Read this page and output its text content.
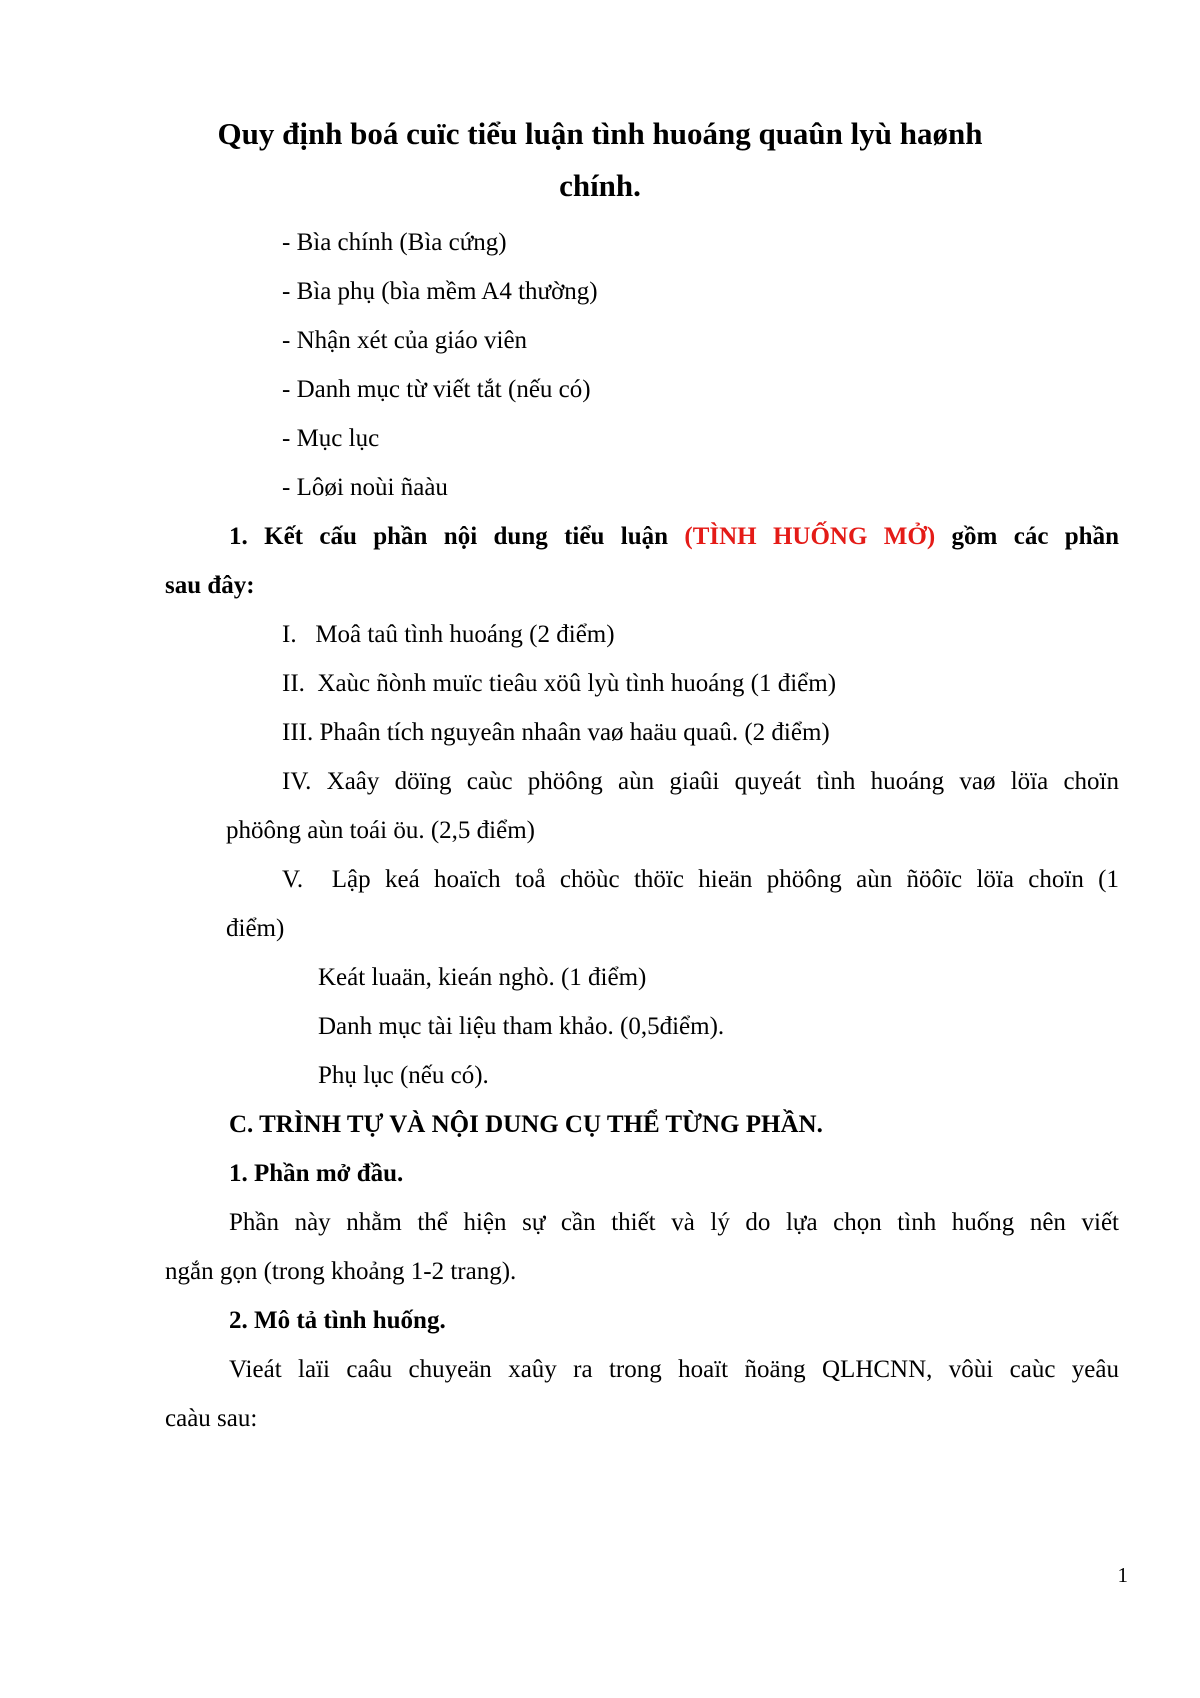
Quy định boá cuïc tiểu luận tình huoáng quaûn lyù haønh
chính.
- Bìa chính (Bìa cứng)
- Bìa phụ (bìa mềm A4 thường)
- Nhận xét của giáo viên
- Danh mục từ viết tắt (nếu có)
- Mục lục
- Lôøi noùi ñaàu
1. Kết cấu phần nội dung tiểu luận (TÌNH HUỐNG MỞ) gồm các phần
sau đây:
I.   Moâ taû tình huoáng (2 điểm)
II.  Xaùc ñònh muïc tieâu xöû lyù tình huoáng (1 điểm)
III. Phaân tích nguyeân nhaân vaø haäu quaû. (2 điểm)
IV. Xaây döïng caùc phöông aùn giaûi quyeát tình huoáng vaø löïa choïn
phöông aùn toái öu. (2,5 điểm)
V.  Lập keá hoaïch toå chöùc thöïc hieän phöông aùn ñöôïc löïa choïn (1
điểm)
Keát luaän, kieán nghò. (1 điểm)
Danh mục tài liệu tham khảo. (0,5điểm).
Phụ lục (nếu có).
C. TRÌNH TỰ VÀ NỘI DUNG CỤ THỂ TỪNG PHẦN.
1. Phần mở đầu.
Phần này nhằm thể hiện sự cần thiết và lý do lựa chọn tình huống nên viết
ngắn gọn (trong khoảng 1-2 trang).
2. Mô tả tình huống.
Vieát laïi caâu chuyeän xaûy ra trong hoaït ñoäng QLHCNN, vôùi caùc yeâu
caàu sau:
1
